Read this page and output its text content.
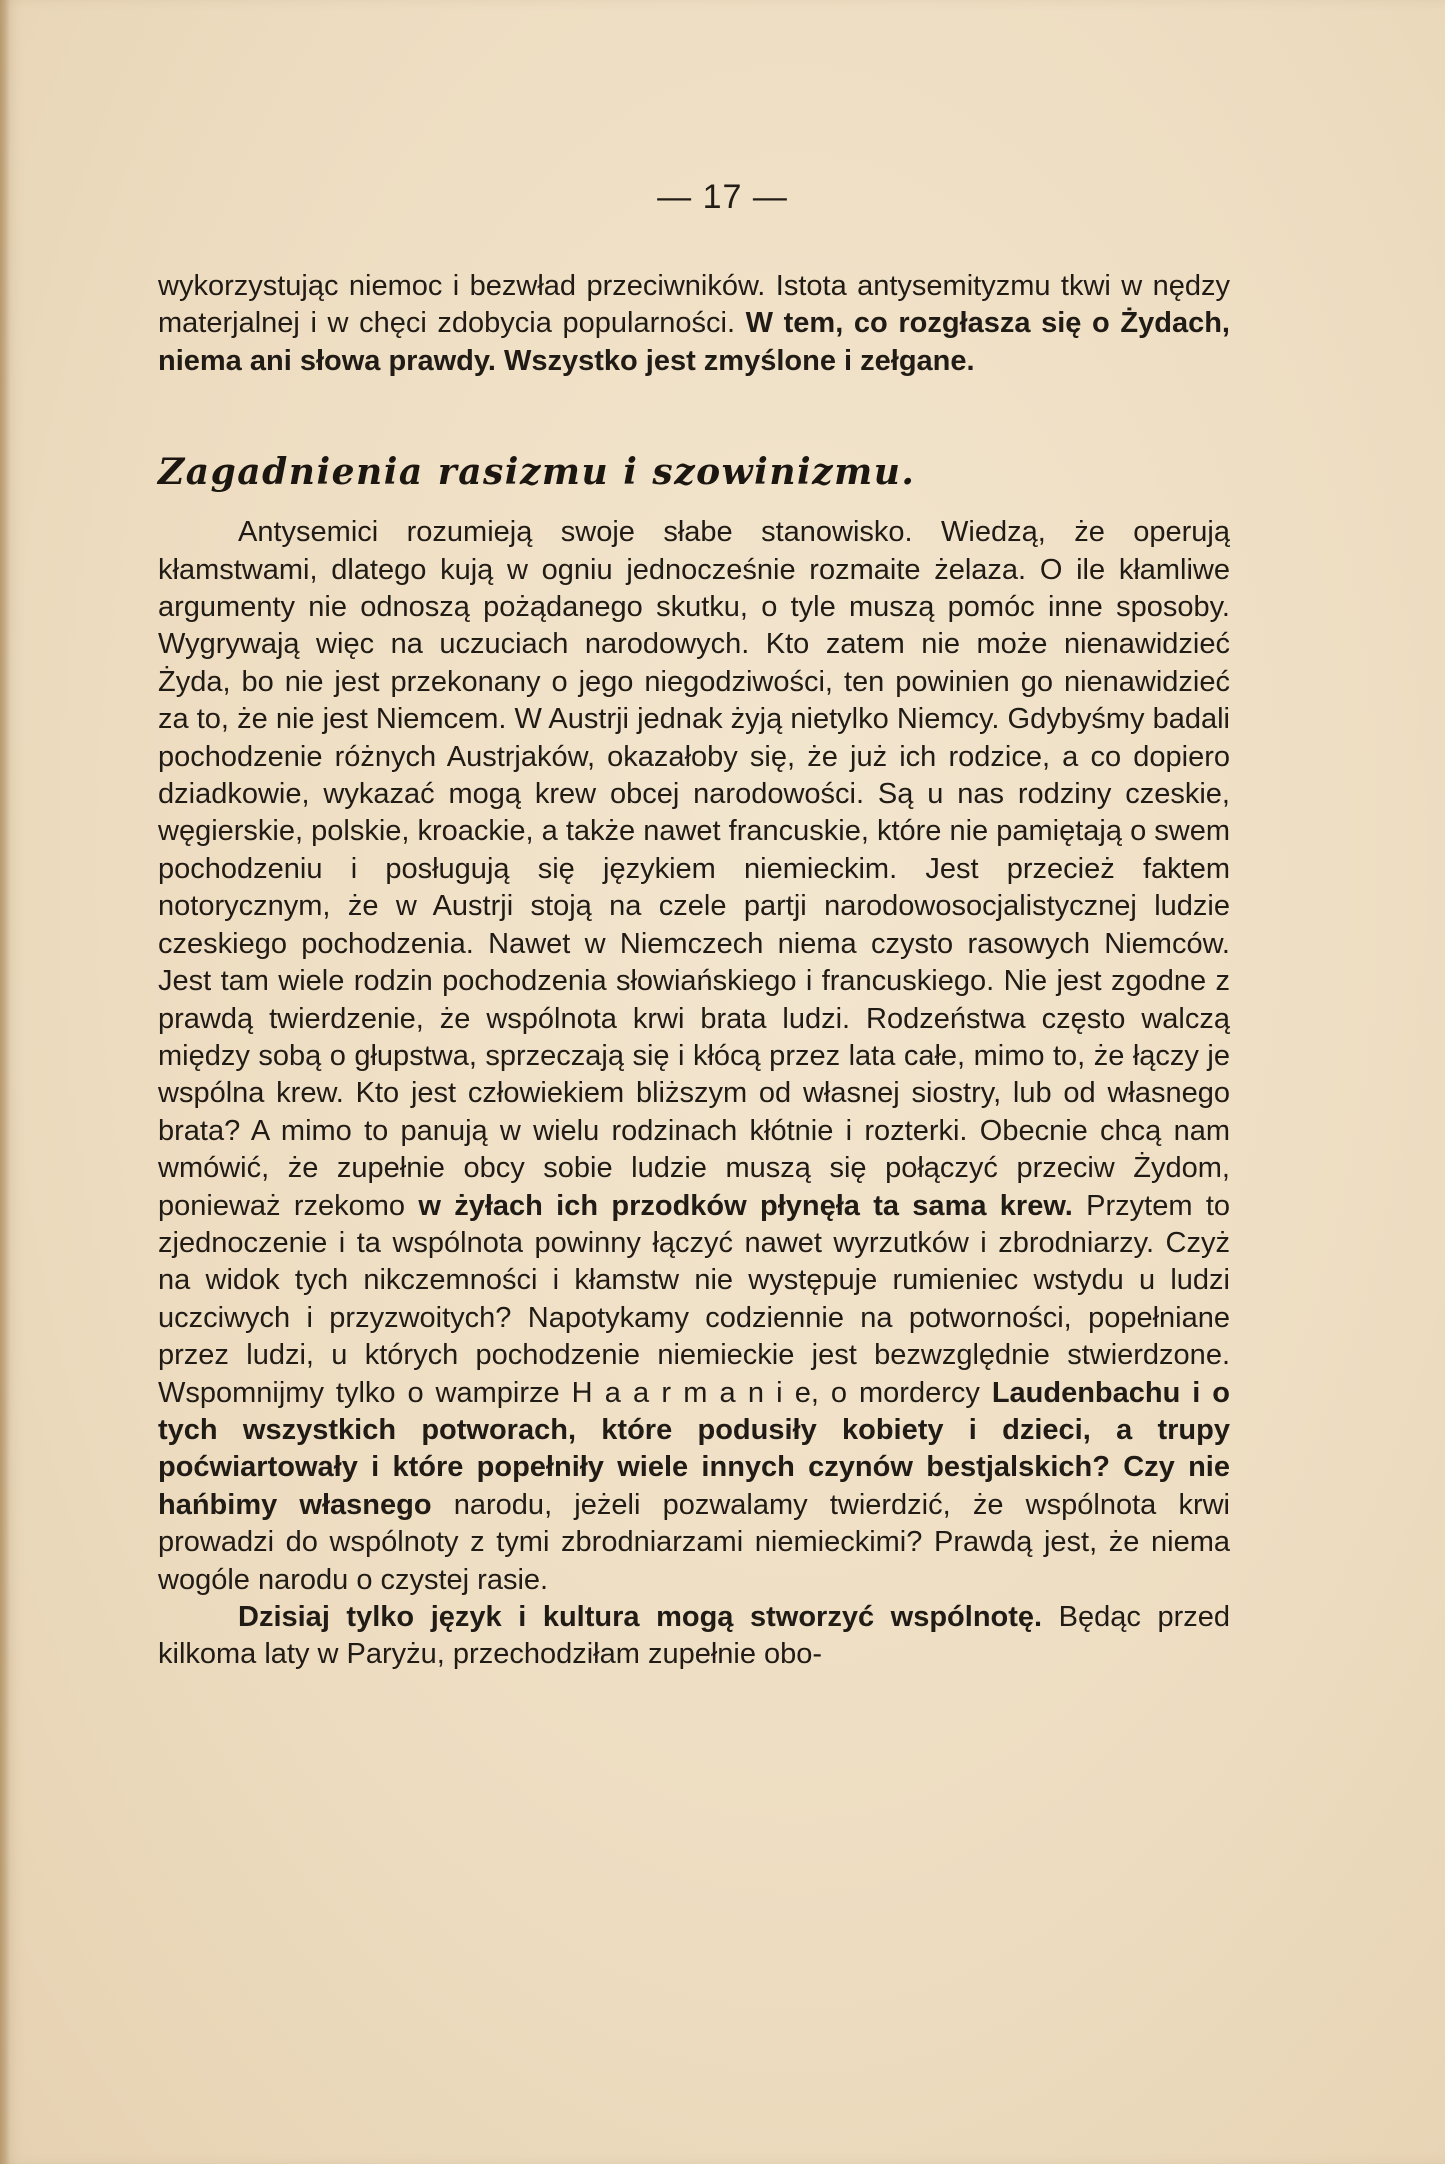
— 17 —

wykorzystując niemoc i bezwład przeciwników. Istota antysemityzmu tkwi w nędzy materjalnej i w chęci zdobycia popularności. W tem, co rozgłasza się o Żydach, niema ani słowa prawdy. Wszystko jest zmyślone i zełgane.

Zagadnienia rasizmu i szowinizmu.

Antysemici rozumieją swoje słabe stanowisko. Wiedzą, że operują kłamstwami, dlatego kują w ogniu jednocześnie rozmaite żelaza. O ile kłamliwe argumenty nie odnoszą pożądanego skutku, o tyle muszą pomóc inne sposoby. Wygrywają więc na uczuciach narodowych. Kto zatem nie może nienawidzieć Żyda, bo nie jest przekonany o jego niegodziwości, ten powinien go nienawidzieć za to, że nie jest Niemcem. W Austrji jednak żyją nietylko Niemcy. Gdybyśmy badali pochodzenie różnych Austrjaków, okazałoby się, że już ich rodzice, a co dopiero dziadkowie, wykazać mogą krew obcej narodowości. Są u nas rodziny czeskie, węgierskie, polskie, kroackie, a także nawet francuskie, które nie pamiętają o swem pochodzeniu i posługują się językiem niemieckim. Jest przecież faktem notorycznym, że w Austrji stoją na czele partji narodowosocjalistycznej ludzie czeskiego pochodzenia. Nawet w Niemczech niema czysto rasowych Niemców. Jest tam wiele rodzin pochodzenia słowiańskiego i francuskiego. Nie jest zgodne z prawdą twierdzenie, że wspólnota krwi brata ludzi. Rodzeństwa często walczą między sobą o głupstwa, sprzeczają się i kłócą przez lata całe, mimo to, że łączy je wspólna krew. Kto jest człowiekiem bliższym od własnej siostry, lub od własnego brata? A mimo to panują w wielu rodzinach kłótnie i rozterki. Obecnie chcą nam wmówić, że zupełnie obcy sobie ludzie muszą się połączyć przeciw Żydom, ponieważ rzekomo w żyłach ich przodków płynęła ta sama krew. Przytem to zjednoczenie i ta wspólnota powinny łączyć nawet wyrzutków i zbrodniarzy. Czyż na widok tych nikczemności i kłamstw nie występuje rumieniec wstydu u ludzi uczciwych i przyzwoitych? Napotykamy codziennie na potworności, popełniane przez ludzi, u których pochodzenie niemieckie jest bezwzględnie stwierdzone. Wspomnijmy tylko o wampirze Haarmanie, o mordercy Laudenbachu i o tych wszystkich potworach, które podusiły kobiety i dzieci, a trupy poćwiartowały i które popełniły wiele innych czynów bestjalskich? Czy nie hańbimy własnego narodu, jeżeli pozwalamy twierdzić, że wspólnota krwi prowadzi do wspólnoty z tymi zbrodniarzami niemieckimi? Prawdą jest, że niema wogóle narodu o czystej rasie.

Dzisiaj tylko język i kultura mogą stworzyć wspólnotę. Będąc przed kilkoma laty w Paryżu, przechodziłam zupełnie obo-
